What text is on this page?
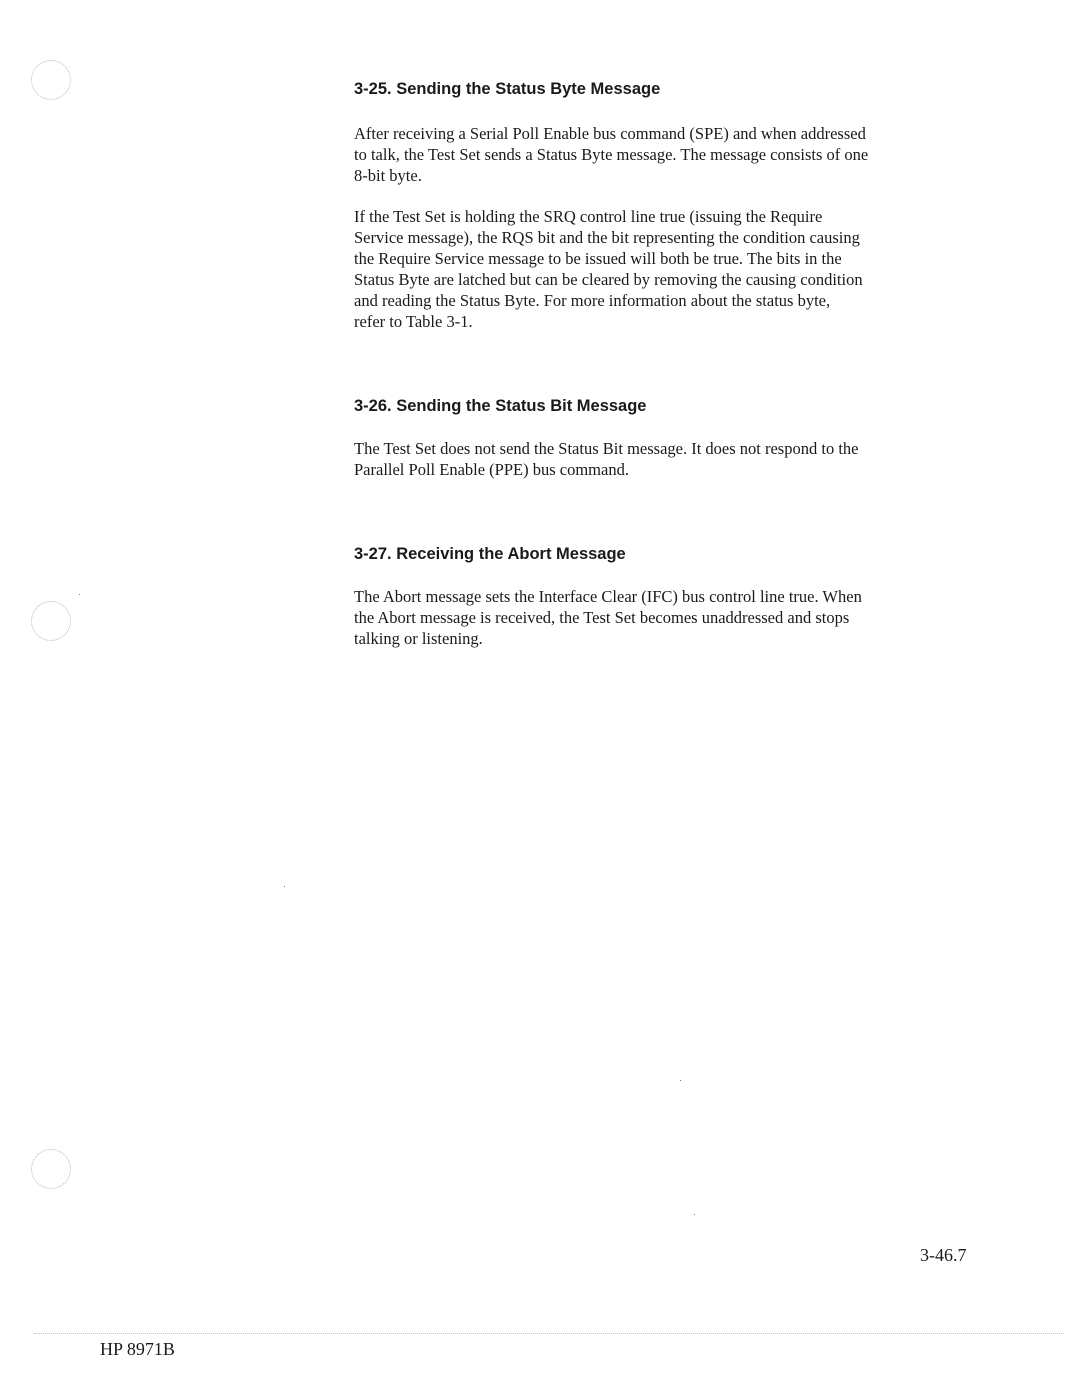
3-25. Sending the Status Byte Message
After receiving a Serial Poll Enable bus command (SPE) and when addressed
to talk, the Test Set sends a Status Byte message. The message consists of one
8-bit byte.
If the Test Set is holding the SRQ control line true (issuing the Require
Service message), the RQS bit and the bit representing the condition causing
the Require Service message to be issued will both be true. The bits in the
Status Byte are latched but can be cleared by removing the causing condition
and reading the Status Byte. For more information about the status byte,
refer to Table 3-1.
3-26. Sending the Status Bit Message
The Test Set does not send the Status Bit message. It does not respond to the
Parallel Poll Enable (PPE) bus command.
3-27. Receiving the Abort Message
The Abort message sets the Interface Clear (IFC) bus control line true. When
the Abort message is received, the Test Set becomes unaddressed and stops
talking or listening.
3-46.7
HP 8971B
